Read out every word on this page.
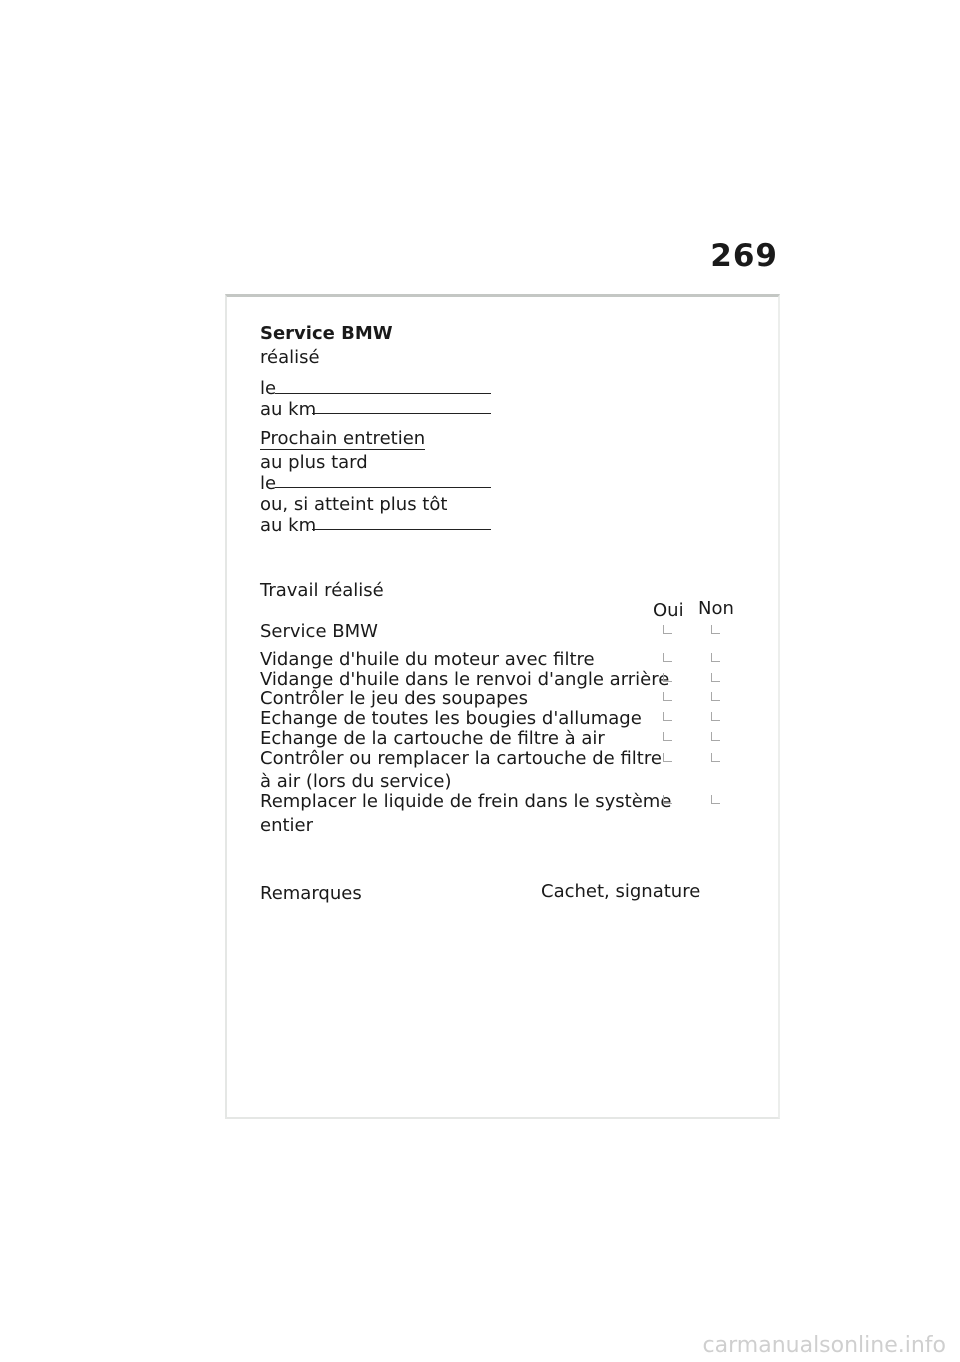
269
Service BMW
réalisé
le
au km
Prochain entretien
au plus tard
le
ou, si atteint plus tôt
au km
Travail réalisé
Oui Non
Service BMW
Vidange d'huile du moteur avec filtre
Vidange d'huile dans le renvoi d'angle arrière
Contrôler le jeu des soupapes
Echange de toutes les bougies d'allumage
Echange de la cartouche de filtre à air
Contrôler ou remplacer la cartouche de filtre
à air (lors du service)
Remplacer le liquide de frein dans le système
entier
Remarques	Cachet, signature
carmanualsonline.info
